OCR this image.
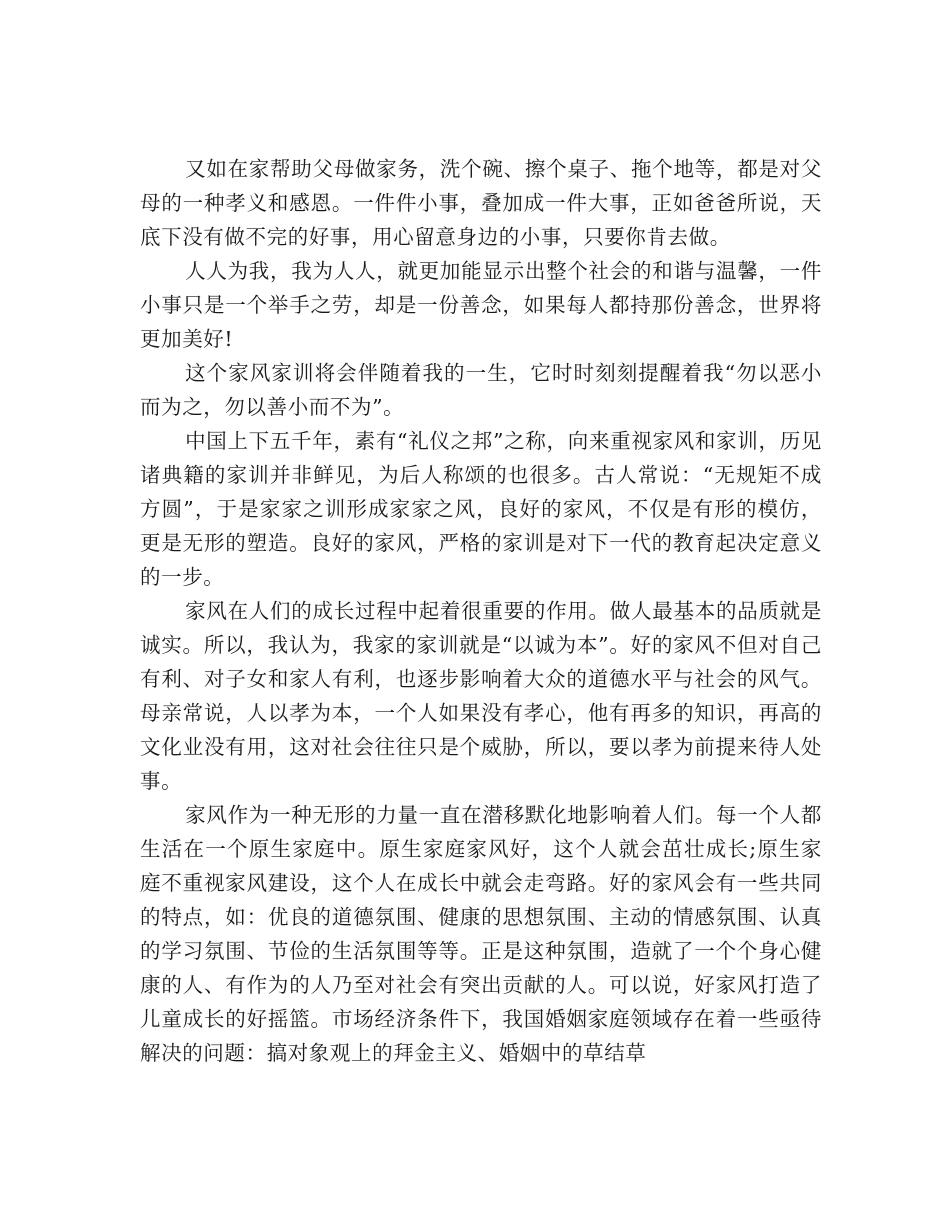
又如在家帮助父母做家务，洗个碗、擦个桌子、拖个地等，都是对父母的一种孝义和感恩。一件件小事，叠加成一件大事，正如爸爸所说，天底下没有做不完的好事，用心留意身边的小事，只要你肯去做。

人人为我，我为人人，就更加能显示出整个社会的和谐与温馨，一件小事只是一个举手之劳，却是一份善念，如果每人都持那份善念，世界将更加美好!

这个家风家训将会伴随着我的一生，它时时刻刻提醒着我“勿以恶小而为之，勿以善小而不为”。

中国上下五千年，素有“礼仪之邦”之称，向来重视家风和家训，历见诸典籍的家训并非鲜见，为后人称颂的也很多。古人常说：“无规矩不成方圆”，于是家家之训形成家家之风，良好的家风，不仅是有形的模仿，更是无形的塑造。良好的家风，严格的家训是对下一代的教育起决定意义的一步。

家风在人们的成长过程中起着很重要的作用。做人最基本的品质就是诚实。所以，我认为，我家的家训就是“以诚为本”。好的家风不但对自己有利、对子女和家人有利，也逐步影响着大众的道德水平与社会的风气。母亲常说，人以孝为本，一个人如果没有孝心，他有再多的知识，再高的文化业没有用，这对社会往往只是个威胁，所以，要以孝为前提来待人处事。

家风作为一种无形的力量一直在潜移默化地影响着人们。每一个人都生活在一个原生家庭中。原生家庭家风好，这个人就会茁壮成长;原生家庭不重视家风建设，这个人在成长中就会走弯路。好的家风会有一些共同的特点，如：优良的道德氛围、健康的思想氛围、主动的情感氛围、认真的学习氛围、节俭的生活氛围等等。正是这种氛围，造就了一个个身心健康的人、有作为的人乃至对社会有突出贡献的人。可以说，好家风打造了儿童成长的好摇篮。市场经济条件下，我国婚姻家庭领域存在着一些亟待解决的问题：搞对象观上的拜金主义、婚姻中的草结草
